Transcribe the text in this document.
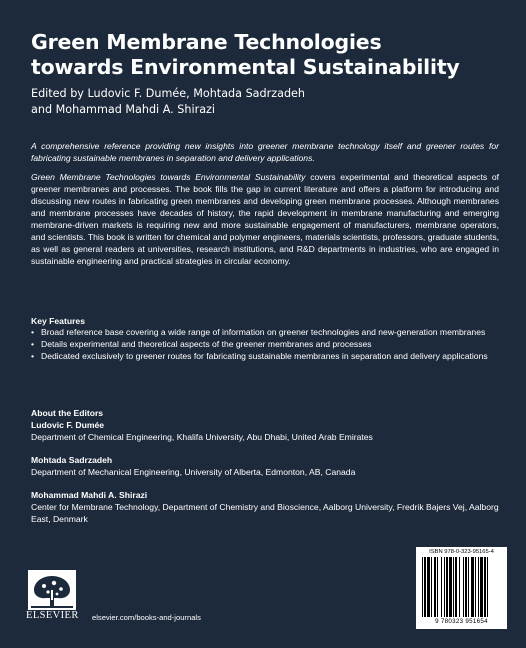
Green Membrane Technologies
towards Environmental Sustainability
Edited by Ludovic F. Dumée, Mohtada Sadrzadeh
and Mohammad Mahdi A. Shirazi

A comprehensive reference providing new insights into greener membrane technology itself and greener routes for fabricating sustainable membranes in separation and delivery applications.

Green Membrane Technologies towards Environmental Sustainability covers experimental and theoretical aspects of greener membranes and processes. The book fills the gap in current literature and offers a platform for introducing and discussing new routes in fabricating green membranes and developing green membrane processes. Although membranes and membrane processes have decades of history, the rapid development in membrane manufacturing and emerging membrane-driven markets is requiring new and more sustainable engagement of manufacturers, membrane operators, and scientists. This book is written for chemical and polymer engineers, materials scientists, professors, graduate students, as well as general readers at universities, research institutions, and R&D departments in industries, who are engaged in sustainable engineering and practical strategies in circular economy.

Key Features
• Broad reference base covering a wide range of information on greener technologies and new-generation membranes
• Details experimental and theoretical aspects of the greener membranes and processes
• Dedicated exclusively to greener routes for fabricating sustainable membranes in separation and delivery applications
About the Editors
Ludovic F. Dumée
Department of Chemical Engineering, Khalifa University, Abu Dhabi, United Arab Emirates
Mohtada Sadrzadeh
Department of Mechanical Engineering, University of Alberta, Edmonton, AB, Canada
Mohammad Mahdi A. Shirazi
Center for Membrane Technology, Department of Chemistry and Bioscience, Aalborg University, Fredrik Bajers Vej, Aalborg East, Denmark
ISBN 978-0-323-95165-4
9 780323 951654
ELSEVIER elsevier.com/books-and-journals
